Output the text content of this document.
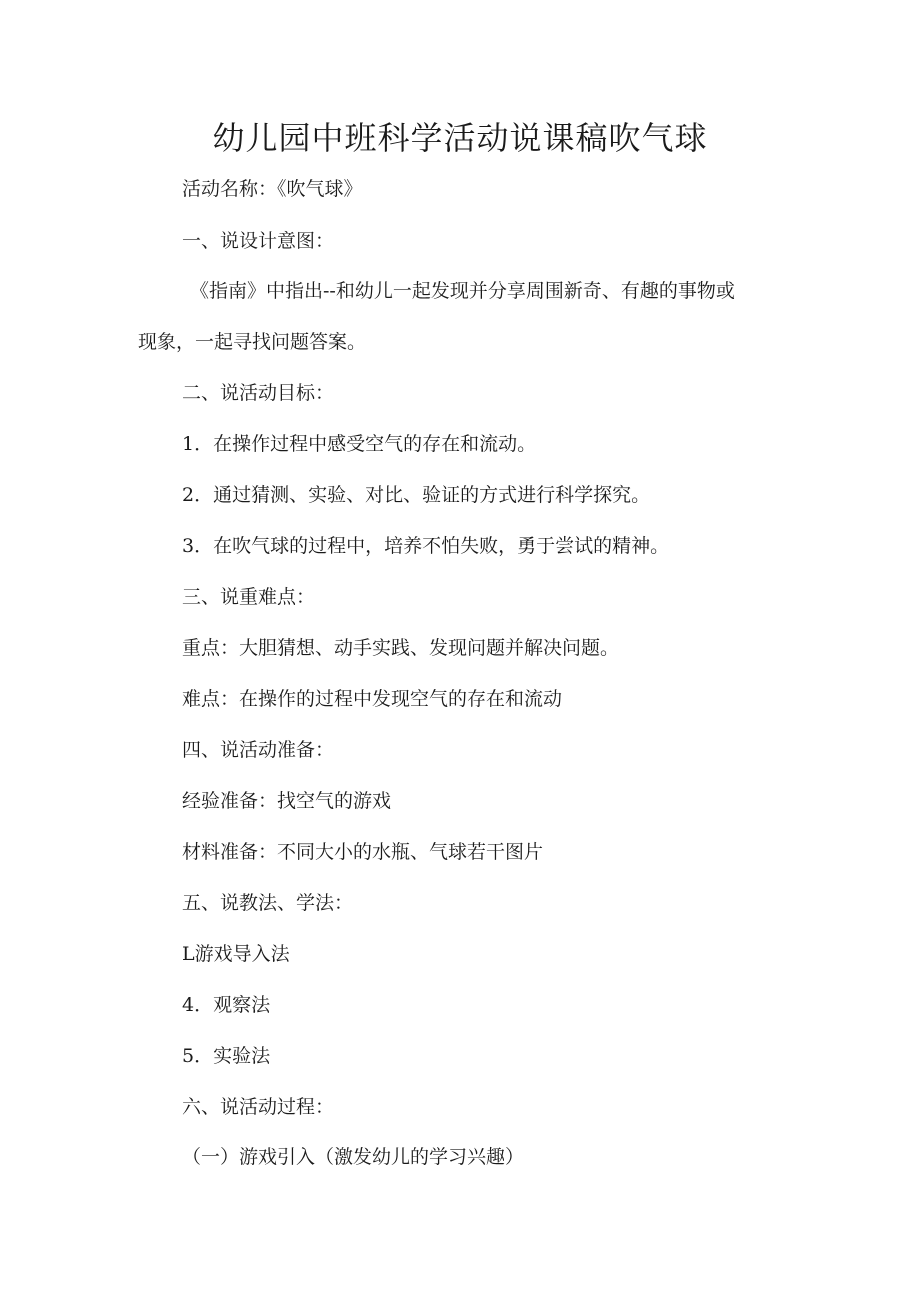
幼儿园中班科学活动说课稿吹气球

活动名称：《吹气球》

一、说设计意图：

《指南》中指出--和幼儿一起发现并分享周围新奇、有趣的事物或

现象，一起寻找问题答案。

二、说活动目标：

1．在操作过程中感受空气的存在和流动。

2．通过猜测、实验、对比、验证的方式进行科学探究。

3．在吹气球的过程中，培养不怕失败，勇于尝试的精神。

三、说重难点：

重点：大胆猜想、动手实践、发现问题并解决问题。

难点：在操作的过程中发现空气的存在和流动

四、说活动准备：

经验准备：找空气的游戏

材料准备：不同大小的水瓶、气球若干图片

五、说教法、学法：

L游戏导入法

4．观察法

5．实验法

六、说活动过程：

（一）游戏引入（激发幼儿的学习兴趣）
